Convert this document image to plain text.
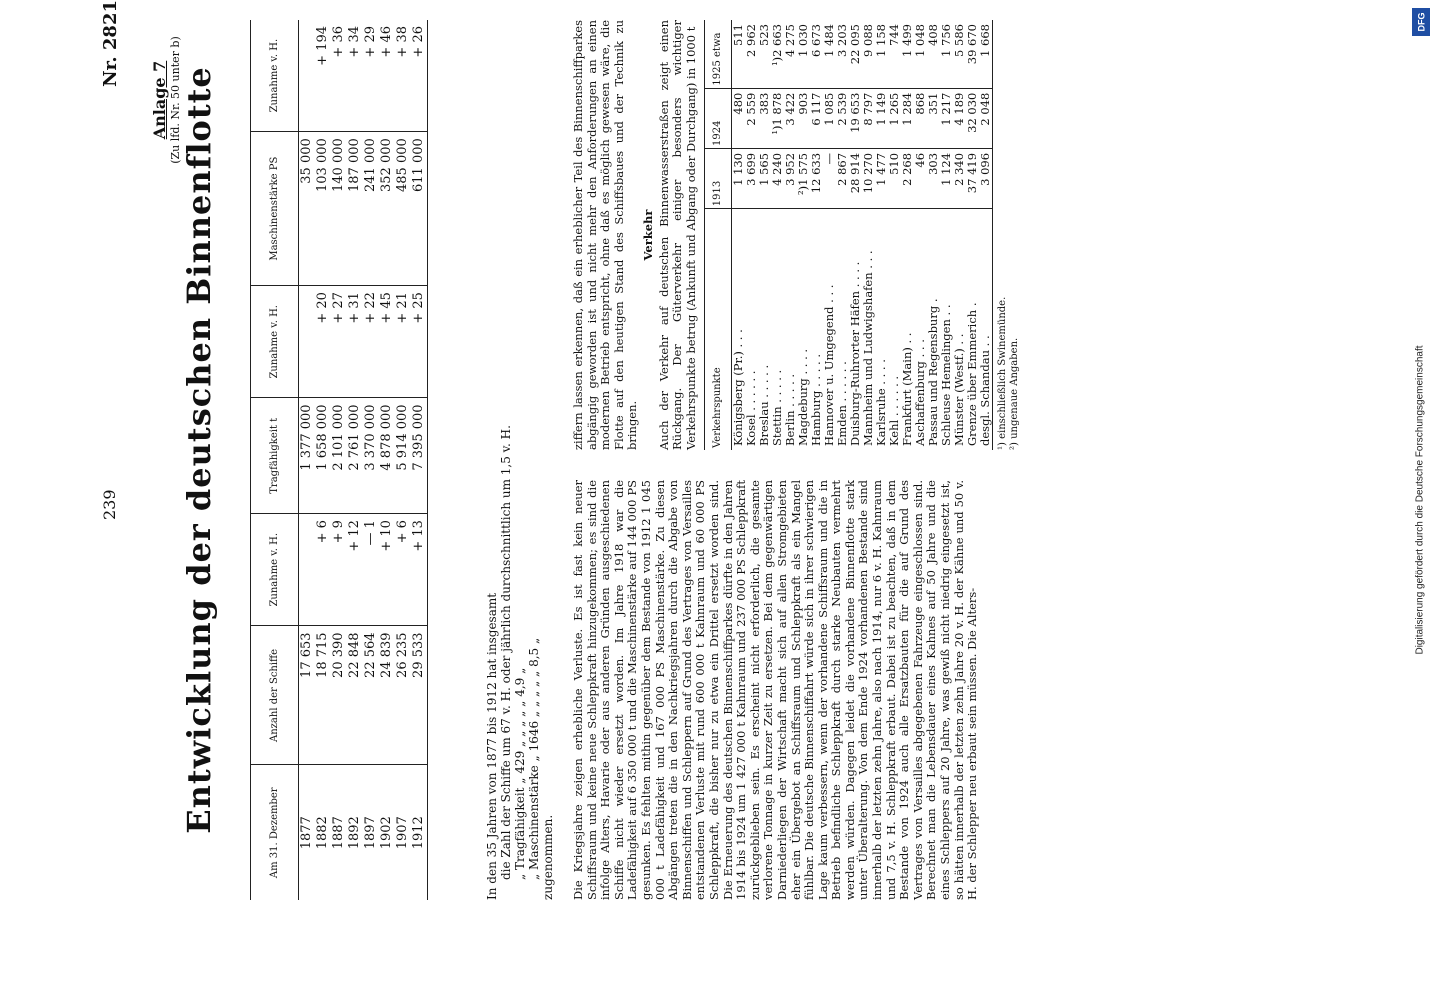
Digitalisierung gefördert durch die Deutsche Forschungsgemeinschaft
DFG
239
Nr. 2821
Anlage 7 (Zu lfd. Nr. 50 unter b)
Entwicklung der deutschen Binnenflotte	Am 31. Dezember	Anzahl der Schiffe	Zunahme v. H.	Tragfähigkeit t	Zunahme v. H.	Maschinenstärke PS	Zunahme v. H.
1877	17 653		1 377 000		35 000	
1882	18 715	+ 6	1 658 000	+ 20	103 000	+ 194
1887	20 390	+ 9	2 101 000	+ 27	140 000	+ 36
1892	22 848	+ 12	2 761 000	+ 31	187 000	+ 34
1897	22 564	— 1	3 370 000	+ 22	241 000	+ 29
1902	24 839	+ 10	4 878 000	+ 45	352 000	+ 46
1907	26 235	+ 6	5 914 000	+ 21	485 000	+ 38
1912	29 533	+ 13	7 395 000	+ 25	611 000	+ 26
In den 35 Jahren von 1877 bis 1912 hat insgesamt die Zahl der Schiffe um 67 v. H. oder jährlich durchschnittlich um 1,5 v. H. „ Tragfähigkeit „ 429 „ „ „ „ „ 4,9 „ „ Maschinenstärke „ 1646 „ „ „ „ „ 8,5 „ zugenommen. Die Kriegsjahre zeigen erhebliche Verluste. Es ist fast kein neuer Schiffsraum und keine neue Schleppkraft hinzugekommen; es sind die infolge Alters, Havarie oder aus anderen Gründen ausgeschiedenen Schiffe nicht wieder ersetzt worden. Im Jahre 1918 war die Ladefähigkeit auf 6 350 000 t und die Maschinenstärke auf 144 000 PS gesunken. Es fehlten mithin gegenüber dem Bestande von 1912 1 045 000 t Ladefähigkeit und 167 000 PS Maschinenstärke. Zu diesen Abgängen treten die in den Nachkriegsjahren durch die Abgabe von Binnenschiffen und Schleppern auf Grund des Vertrages von Versailles entstandenen Verluste mit rund 600 000 t Kahnraum und 60 000 PS Schleppkraft, die bisher nur zu etwa ein Drittel ersetzt worden sind. Die Erneuerung des deutschen Binnenschiffparkes dürfte in den Jahren 1914 bis 1924 um 1 427 000 t Kahnraum und 237 000 PS Schleppkraft zurückgeblieben sein. Es erscheint nicht erforderlich, die gesamte verlorene Tonnage in kurzer Zeit zu ersetzen. Bei dem gegenwärtigen Darniederliegen der Wirtschaft macht sich auf allen Stromgebieten eher ein Übergebot an Schiffsraum und Schleppkraft als ein Mangel fühlbar. Die deutsche Binnenschiffahrt würde sich in ihrer schwierigen Lage kaum verbessern, wenn der vorhandene Schiffsraum und die in Betrieb befindliche Schleppkraft durch starke Neubauten vermehrt werden würden. Dagegen leidet die vorhandene Binnenflotte stark unter Überalterung. Von dem Ende 1924 vorhandenen Bestande sind innerhalb der letzten zehn Jahre, also nach 1914, nur 6 v. H. Kahnraum und 7,5 v. H. Schleppkraft erbaut. Dabei ist zu beachten, daß in dem Bestande von 1924 auch alle Ersatzbauten für die auf Grund des Vertrages von Versailles abgegebenen Fahrzeuge eingeschlossen sind. Berechnet man die Lebensdauer eines Kahnes auf 50 Jahre und die eines Schleppers auf 20 Jahre, was gewiß nicht niedrig eingesetzt ist, so hätten innerhalb der letzten zehn Jahre 20 v. H. der Kähne und 50 v. H. der Schlepper neu erbaut sein müssen. Die Alters-
ziffern lassen erkennen, daß ein erheblicher Teil des Binnenschiffparkes abgängig geworden ist und nicht mehr den Anforderungen an einen modernen Betrieb entspricht, ohne daß es möglich gewesen wäre, die Flotte auf den heutigen Stand des Schiffsbaues und der Technik zu bringen.
Verkehr Auch der Verkehr auf deutschen Binnenwasserstraßen zeigt einen Rückgang. Der Güterverkehr einiger besonders wichtiger Verkehrspunkte betrug (Ankunft und Abgang oder Durchgang) in 1000 t Verkehrspunkte	1913	1924	1925 etwa
Königsberg (Pr.) . . .	1 130	480	511
Kosel . . . . . .	3 699	2 559	2 962
Breslau . . . . .	1 565	383	523
Stettin . . . . .	4 240	¹)1 878	¹)2 663
Berlin . . . . .	3 952	3 422	4 275
Magdeburg . . . .	²)1 575	903	1 030
Hamburg . . . . .	12 633	6 117	6 673
Hannover u. Umgegend . . .	—	1 085	1 484
Emden . . . . . .	2 867	2 539	3 203
Duisburg-Ruhrorter Häfen . . . .	28 914	19 653	22 095
Mannheim und Ludwigshafen . . .	10 270	8 797	9 088
Karlsruhe . . . .	1 477	1 149	1 158
Kehl . . . . . .	510	1 265	744
Frankfurt (Main) . .	2 268	1 284	1 499
Aschaffenburg . . .	46	868	1 048
Passau und Regensburg .	303	351	408
Schleuse Hemelingen . .	1 124	1 217	1 756
Münster (Westf.) . .	2 340	4 189	5 586
Grenze über Emmerich .	37 419	32 030	39 670
desgl. Schandau . .	3 096	2 048	1 668
¹) einschließlich Swinemünde. ²) ungenaue Angaben.
